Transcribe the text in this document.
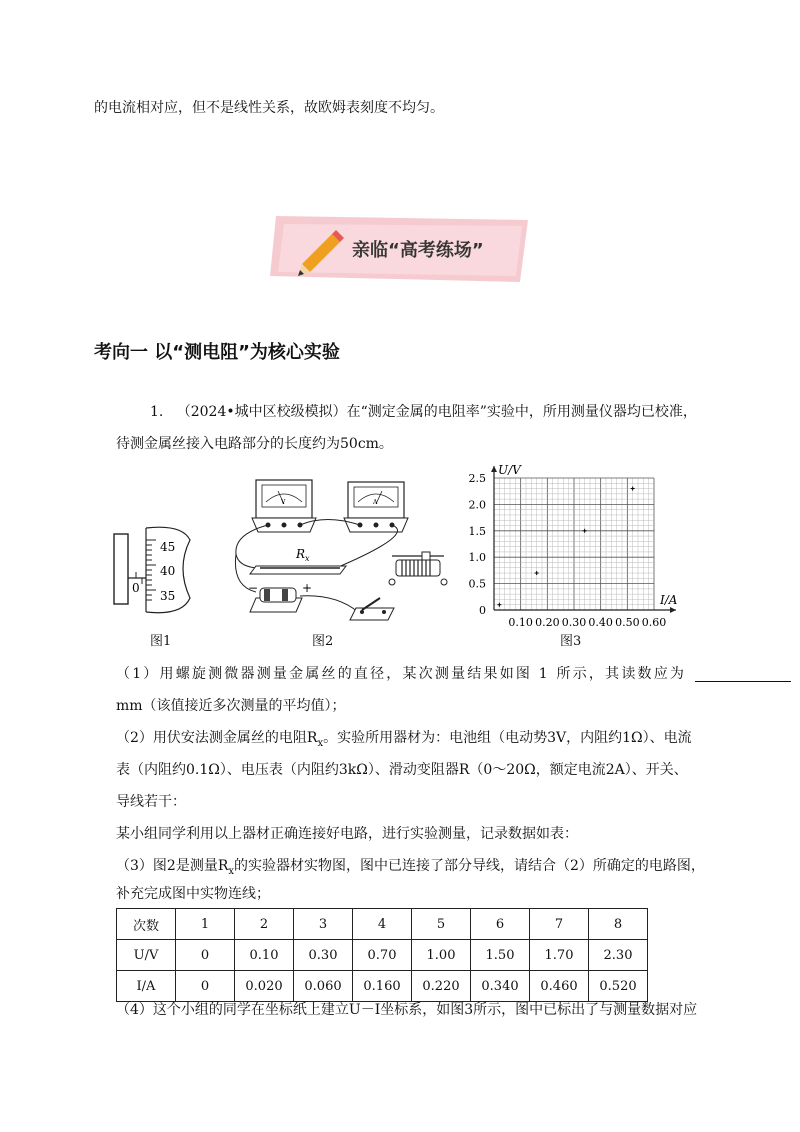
的电流相对应，但不是线性关系，故欧姆表刻度不均匀。
亲临“高考练场”
考向一 以“测电阻”为核心实验
1. （2024•城中区校级模拟）在“测定金属的电阻率”实验中，所用测量仪器均已校准，
待测金属丝接入电路部分的长度约为50cm。
45
40
35
0
图1
V	A
$R_x$
−	+
图2
I/A
U/V
0.10 0.20 0.30 0.40 0.50 0.60
2.5
2.0
1.5
1.0
0.5
0
图3
（1）用螺旋测微器测量金属丝的直径，某次测量结果如图 1 所示，其读数应为
mm（该值接近多次测量的平均值）；
（2）用伏安法测金属丝的电阻$R_x$。实验所用器材为：电池组（电动势3V，内阻约1Ω）、电流
表（内阻约0.1Ω）、电压表（内阻约3kΩ）、滑动变阻器R（0～20Ω，额定电流2A）、开关、
导线若干：
某小组同学利用以上器材正确连接好电路，进行实验测量，记录数据如表：
（3）图2是测量$R_x$的实验器材实物图，图中已连接了部分导线，请结合（2）所确定的电路图，
补充完成图中实物连线；
次数	1	2	3	4	5	6	7	8
U/V	0	0.10	0.30	0.70	1.00	1.50	1.70	2.30
I/A	0	0.020	0.060	0.160	0.220	0.340	0.460	0.520
（4）这个小组的同学在坐标纸上建立U－I坐标系，如图3所示，图中已标出了与测量数据对应
